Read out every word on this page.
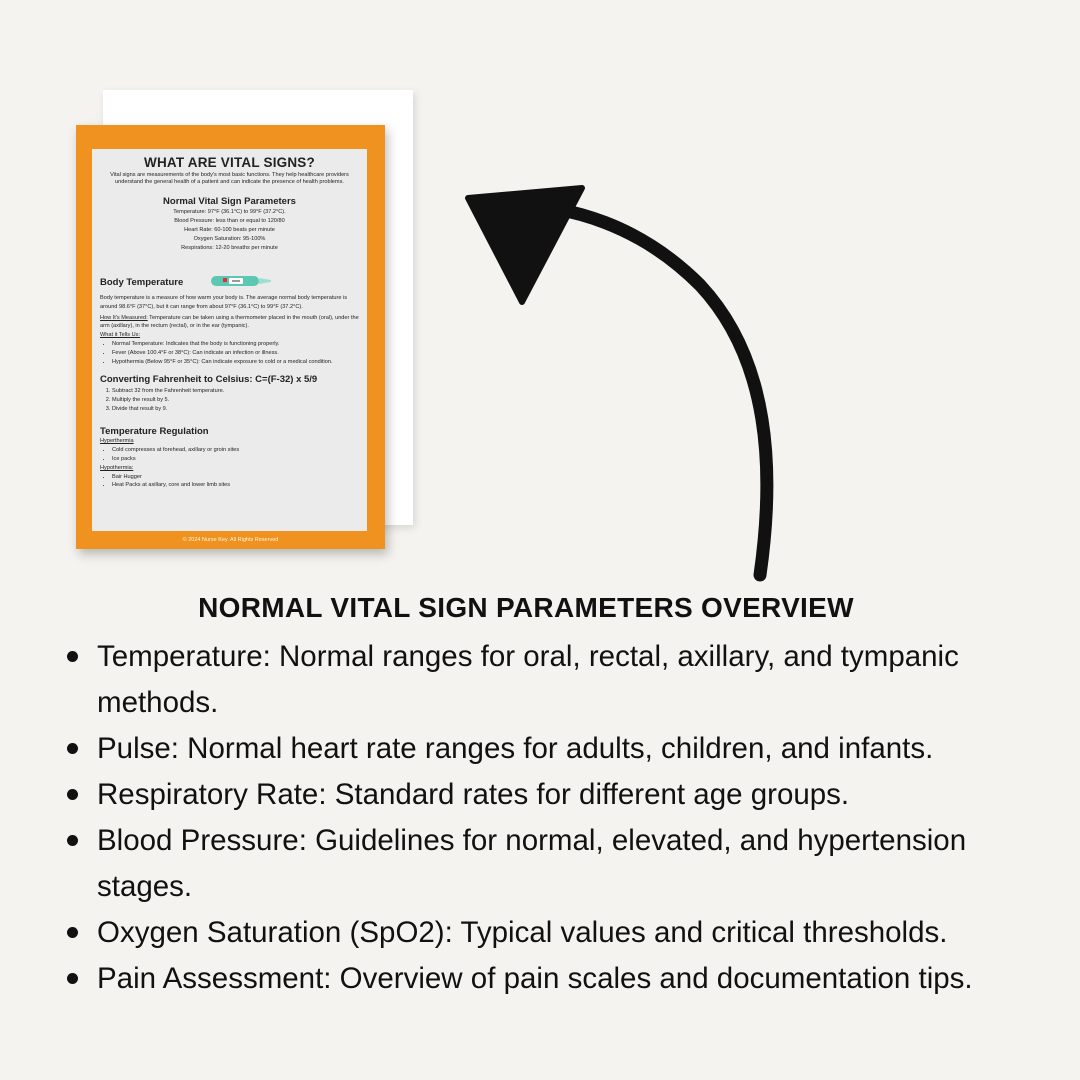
WHAT ARE VITAL SIGNS?
Vital signs are measurements of the body's most basic functions. They help healthcare providers understand the general health of a patient and can indicate the presence of health problems.
Normal Vital Sign Parameters
Temperature: 97°F (36.1°C) to 99°F (37.2°C).
Blood Pressure: less than or equal to 120/80
Heart Rate: 60-100 beats per minute
Oxygen Saturation: 95-100%
Respirations: 12-20 breaths per minute
Body Temperature
Body temperature is a measure of how warm your body is. The average normal body temperature is around 98.6°F (37°C), but it can range from about 97°F (36.1°C) to 99°F (37.2°C).
How It's Measured: Temperature can be taken using a thermometer placed in the mouth (oral), under the arm (axillary), in the rectum (rectal), or in the ear (tympanic).
What it Tells Us:
• Normal Temperature: Indicates that the body is functioning properly.
• Fever (Above 100.4°F or 38°C): Can indicate an infection or illness.
• Hypothermia (Below 95°F or 35°C): Can indicate exposure to cold or a medical condition.
Converting Fahrenheit to Celsius: C=(F-32) x 5/9
1. Subtract 32 from the Fahrenheit temperature.
2. Multiply the result by 5.
3. Divide that result by 9.
Temperature Regulation
Hyperthermia
• Cold compresses at forehead, axillary or groin sites
• Ice packs
Hypothermia:
• Bair Hugger
• Heat Packs at axillary, core and lower limb sites
© 2024 Nurse Key. All Rights Reserved
NORMAL VITAL SIGN PARAMETERS OVERVIEW
Temperature: Normal ranges for oral, rectal, axillary, and tympanic methods.
Pulse: Normal heart rate ranges for adults, children, and infants.
Respiratory Rate: Standard rates for different age groups.
Blood Pressure: Guidelines for normal, elevated, and hypertension stages.
Oxygen Saturation (SpO2): Typical values and critical thresholds.
Pain Assessment: Overview of pain scales and documentation tips.
